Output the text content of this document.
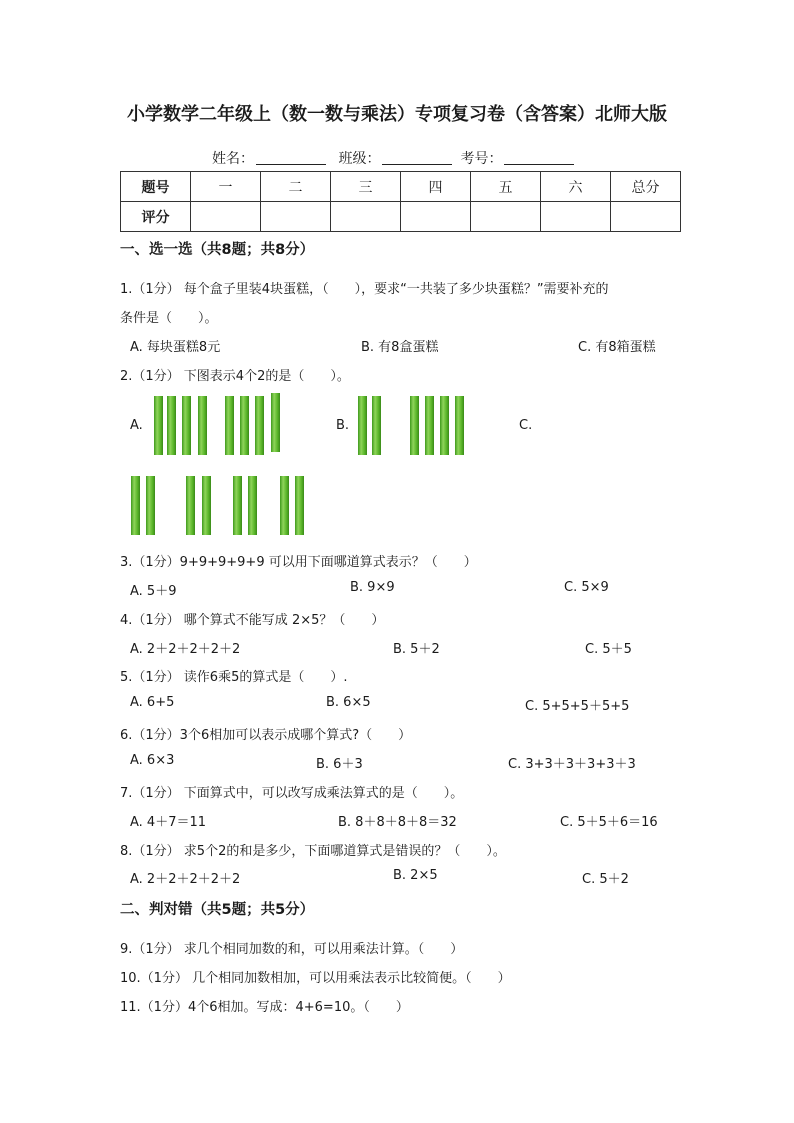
小学数学二年级上（数一数与乘法）专项复习卷（含答案）北师大版
姓名：	班级：	考号：
题号	一	二	三	四	五	六	总分
评分							
一、选一选（共8题；共8分）
1.（1分） 每个盒子里装4块蛋糕，（　　），要求“一共装了多少块蛋糕？”需要补充的
条件是（　　）。
A. 每块蛋糕8元	B. 有8盒蛋糕	C. 有8箱蛋糕
2.（1分） 下图表示4个2的是（　　）。
A.	B.	C.
3.（1分）9+9+9+9+9 可以用下面哪道算式表示？（　　）
A. 5＋9	B. 9×9	C. 5×9
4.（1分） 哪个算式不能写成 2×5？（　　）
A. 2＋2＋2＋2＋2	B. 5＋2	C. 5＋5
5.（1分） 读作6乘5的算式是（　　）.
A. 6+5	B. 6×5	C. 5+5+5＋5+5
6.（1分）3个6相加可以表示成哪个算式?（　　）
A. 6×3	B. 6＋3	C. 3+3＋3＋3+3＋3
7.（1分） 下面算式中，可以改写成乘法算式的是（　　）。
A. 4＋7＝11	B. 8＋8＋8＋8＝32	C. 5＋5＋6＝16
8.（1分） 求5个2的和是多少，下面哪道算式是错误的？（　　）。
A. 2＋2＋2＋2＋2	B. 2×5	C. 5＋2
二、判对错（共5题；共5分）
9.（1分） 求几个相同加数的和，可以用乘法计算。（　　）
10.（1分） 几个相同加数相加，可以用乘法表示比较简便。（　　）
11.（1分）4个6相加。写成：4+6=10。（　　）
